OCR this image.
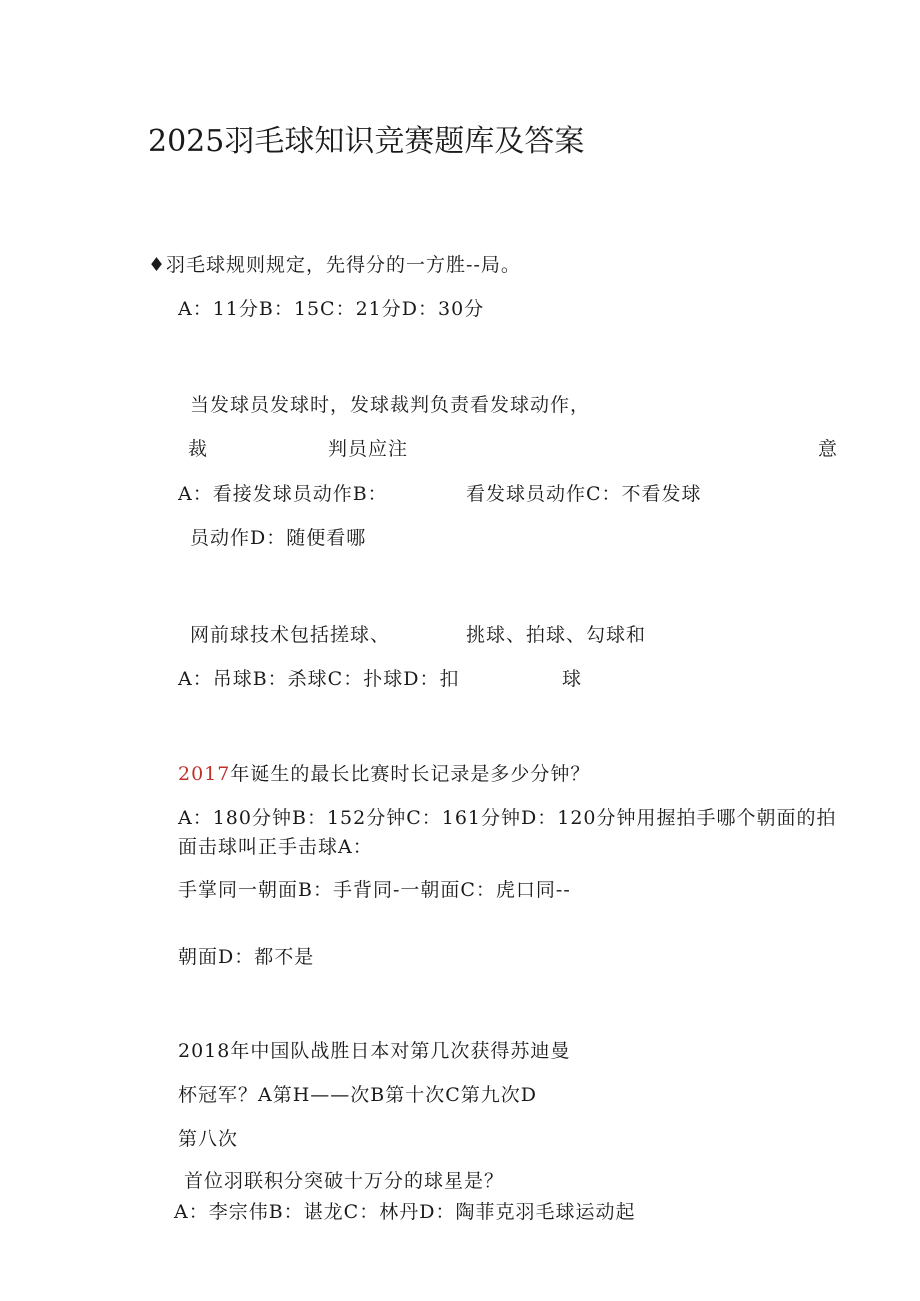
2025羽毛球知识竞赛题库及答案
♦羽毛球规则规定，先得分的一方胜--局。
A：11分B：15C：21分D：30分
当发球员发球时，发球裁判负责看发球动作，
裁	判员应注	意
A：看接发球员动作B：	看发球员动作C：不看发球
员动作D：随便看哪
网前球技术包括搓球、	挑球、拍球、勾球和
A：吊球B：杀球C：扑球D：扣	球
2017年诞生的最长比赛时长记录是多少分钟？
A：180分钟B：152分钟C：161分钟D：120分钟用握拍手哪个朝面的拍
面击球叫正手击球A：
手掌同一朝面B：手背同-一朝面C：虎口同--
朝面D：都不是
2018年中国队战胜日本对第几次获得苏迪曼
杯冠军？A第H——次B第十次C第九次D
第八次
首位羽联积分突破十万分的球星是？
A：李宗伟B：谌龙C：林丹D：陶菲克羽毛球运动起
